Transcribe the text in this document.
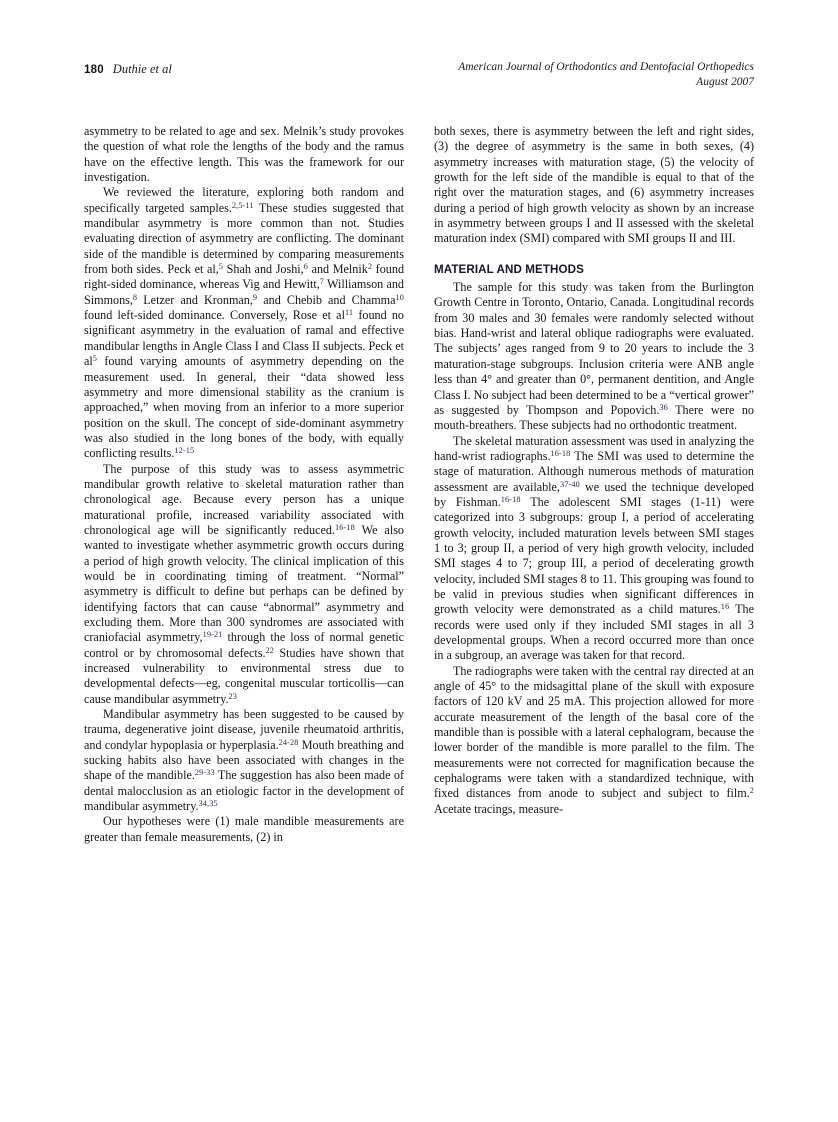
180 Duthie et al	American Journal of Orthodontics and Dentofacial Orthopedics
August 2007

asymmetry to be related to age and sex. Melnik’s study provokes the question of what role the lengths of the body and the ramus have on the effective length. This was the framework for our investigation.

We reviewed the literature, exploring both random and specifically targeted samples.$^{2,5-11}$ These studies suggested that mandibular asymmetry is more common than not. Studies evaluating direction of asymmetry are conflicting. The dominant side of the mandible is determined by comparing measurements from both sides. Peck et al,$^5$ Shah and Joshi,$^6$ and Melnik$^2$ found right-sided dominance, whereas Vig and Hewitt,$^7$ Williamson and Simmons,$^8$ Letzer and Kronman,$^9$ and Chebib and Chamma$^{10}$ found left-sided dominance. Conversely, Rose et al$^{11}$ found no significant asymmetry in the evaluation of ramal and effective mandibular lengths in Angle Class I and Class II subjects. Peck et al$^5$ found varying amounts of asymmetry depending on the measurement used. In general, their “data showed less asymmetry and more dimensional stability as the cranium is approached,” when moving from an inferior to a more superior position on the skull. The concept of side-dominant asymmetry was also studied in the long bones of the body, with equally conflicting results.$^{12-15}$

The purpose of this study was to assess asymmetric mandibular growth relative to skeletal maturation rather than chronological age. Because every person has a unique maturational profile, increased variability associated with chronological age will be significantly reduced.$^{16-18}$ We also wanted to investigate whether asymmetric growth occurs during a period of high growth velocity. The clinical implication of this would be in coordinating timing of treatment. “Normal” asymmetry is difficult to define but perhaps can be defined by identifying factors that can cause “abnormal” asymmetry and excluding them. More than 300 syndromes are associated with craniofacial asymmetry,$^{19-21}$ through the loss of normal genetic control or by chromosomal defects.$^{22}$ Studies have shown that increased vulnerability to environmental stress due to developmental defects—eg, congenital muscular torticollis—can cause mandibular asymmetry.$^{23}$

Mandibular asymmetry has been suggested to be caused by trauma, degenerative joint disease, juvenile rheumatoid arthritis, and condylar hypoplasia or hyperplasia.$^{24-28}$ Mouth breathing and sucking habits also have been associated with changes in the shape of the mandible.$^{29-33}$ The suggestion has also been made of dental malocclusion as an etiologic factor in the development of mandibular asymmetry.$^{34,35}$

Our hypotheses were (1) male mandible measurements are greater than female measurements, (2) in

both sexes, there is asymmetry between the left and right sides, (3) the degree of asymmetry is the same in both sexes, (4) asymmetry increases with maturation stage, (5) the velocity of growth for the left side of the mandible is equal to that of the right over the maturation stages, and (6) asymmetry increases during a period of high growth velocity as shown by an increase in asymmetry between groups I and II assessed with the skeletal maturation index (SMI) compared with SMI groups II and III.

MATERIAL AND METHODS

The sample for this study was taken from the Burlington Growth Centre in Toronto, Ontario, Canada. Longitudinal records from 30 males and 30 females were randomly selected without bias. Hand-wrist and lateral oblique radiographs were evaluated. The subjects’ ages ranged from 9 to 20 years to include the 3 maturation-stage subgroups. Inclusion criteria were ANB angle less than 4° and greater than 0°, permanent dentition, and Angle Class I. No subject had been determined to be a “vertical grower” as suggested by Thompson and Popovich.$^{36}$ There were no mouth-breathers. These subjects had no orthodontic treatment.

The skeletal maturation assessment was used in analyzing the hand-wrist radiographs.$^{16-18}$ The SMI was used to determine the stage of maturation. Although numerous methods of maturation assessment are available,$^{37-40}$ we used the technique developed by Fishman.$^{16-18}$ The adolescent SMI stages (1-11) were categorized into 3 subgroups: group I, a period of accelerating growth velocity, included maturation levels between SMI stages 1 to 3; group II, a period of very high growth velocity, included SMI stages 4 to 7; group III, a period of decelerating growth velocity, included SMI stages 8 to 11. This grouping was found to be valid in previous studies when significant differences in growth velocity were demonstrated as a child matures.$^{16}$ The records were used only if they included SMI stages in all 3 developmental groups. When a record occurred more than once in a subgroup, an average was taken for that record.

The radiographs were taken with the central ray directed at an angle of 45° to the midsagittal plane of the skull with exposure factors of 120 kV and 25 mA. This projection allowed for more accurate measurement of the length of the basal core of the mandible than is possible with a lateral cephalogram, because the lower border of the mandible is more parallel to the film. The measurements were not corrected for magnification because the cephalograms were taken with a standardized technique, with fixed distances from anode to subject and subject to film.$^2$ Acetate tracings, measure-
